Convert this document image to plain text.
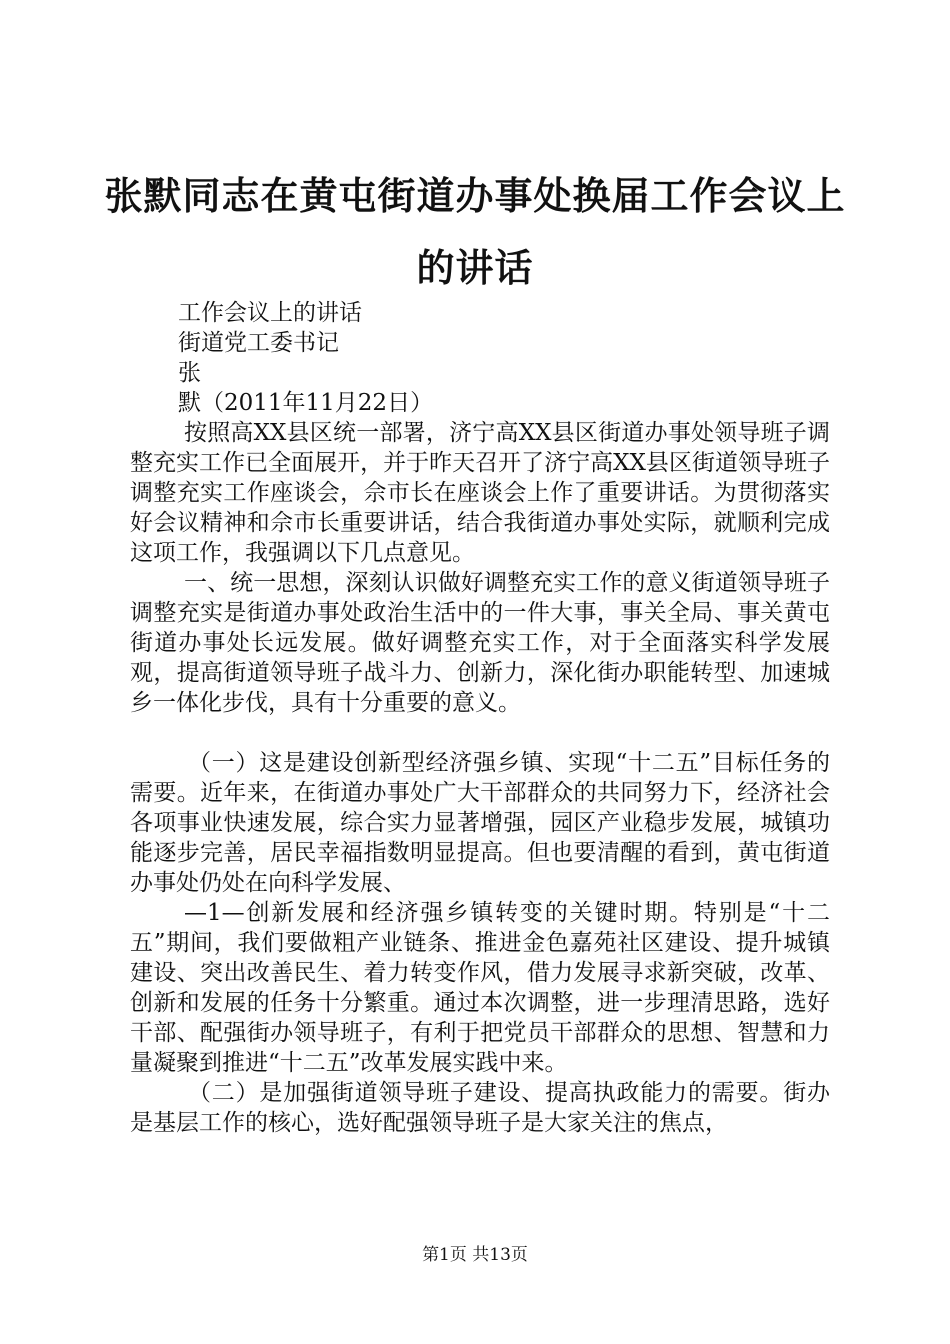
张默同志在黄屯街道办事处换届工作会议上的讲话

工作会议上的讲话

街道党工委书记

张

默（2011年11月22日）

按照高XX县区统一部署，济宁高XX县区街道办事处领导班子调整充实工作已全面展开，并于昨天召开了济宁高XX县区街道领导班子调整充实工作座谈会，佘市长在座谈会上作了重要讲话。为贯彻落实好会议精神和佘市长重要讲话，结合我街道办事处实际，就顺利完成这项工作，我强调以下几点意见。

一、统一思想，深刻认识做好调整充实工作的意义街道领导班子调整充实是街道办事处政治生活中的一件大事，事关全局、事关黄屯街道办事处长远发展。做好调整充实工作，对于全面落实科学发展观，提高街道领导班子战斗力、创新力，深化街办职能转型、加速城乡一体化步伐，具有十分重要的意义。

（一）这是建设创新型经济强乡镇、实现“十二五”目标任务的需要。近年来，在街道办事处广大干部群众的共同努力下，经济社会各项事业快速发展，综合实力显著增强，园区产业稳步发展，城镇功能逐步完善，居民幸福指数明显提高。但也要清醒的看到，黄屯街道办事处仍处在向科学发展、

—1—创新发展和经济强乡镇转变的关键时期。特别是“十二五”期间，我们要做粗产业链条、推进金色嘉苑社区建设、提升城镇建设、突出改善民生、着力转变作风，借力发展寻求新突破，改革、创新和发展的任务十分繁重。通过本次调整，进一步理清思路，选好干部、配强街办领导班子，有利于把党员干部群众的思想、智慧和力量凝聚到推进“十二五”改革发展实践中来。

（二）是加强街道领导班子建设、提高执政能力的需要。街办是基层工作的核心，选好配强领导班子是大家关注的焦点，

第1页 共13页
